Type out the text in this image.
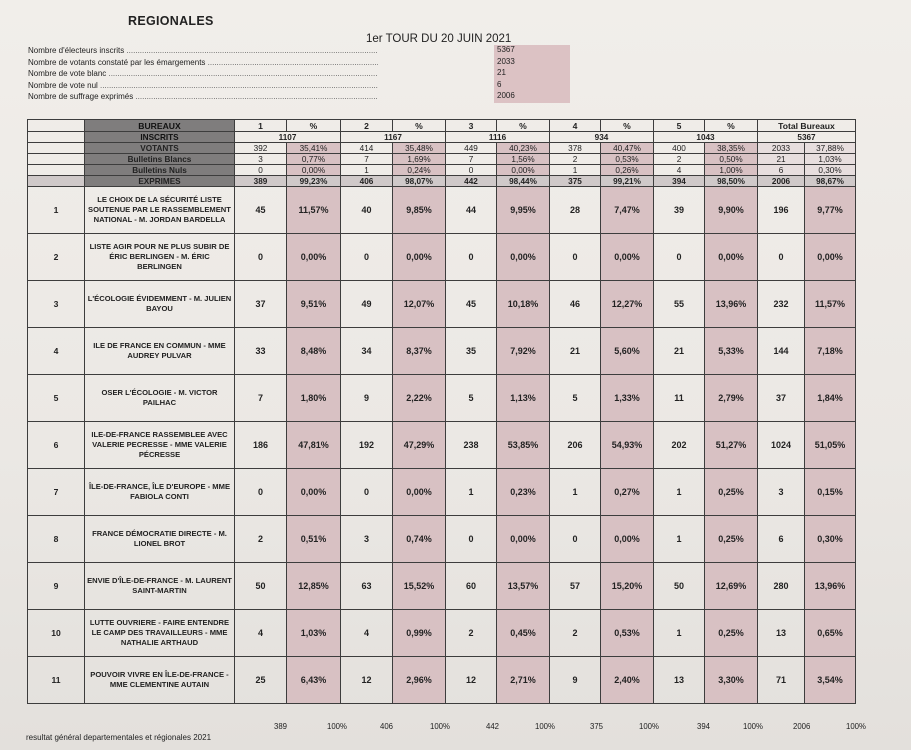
REGIONALES
1er TOUR DU 20 JUIN 2021
Nombre d'électeurs inscrits .....	5367
Nombre de votants constaté par les émargements .....	2033
Nombre de vote blanc .....	21
Nombre de vote nul .....	6
Nombre de suffrage exprimés .....	2006
	BUREAUX	1	%	2	%	3	%	4	%	5	%	Total Bureaux	
	INSCRITS	1107		1167		1116		934		1043		5367	
	VOTANTS	392	35,41%	414	35,48%	449	40,23%	378	40,47%	400	38,35%	2033	37,88%
	Bulletins Blancs	3	0,77%	7	1,69%	7	1,56%	2	0,53%	2	0,50%	21	1,03%
	Bulletins Nuls	0	0,00%	1	0,24%	0	0,00%	1	0,26%	4	1,00%	6	0,30%
	EXPRIMES	389	99,23%	406	98,07%	442	98,44%	375	99,21%	394	98,50%	2006	98,67%
1	LE CHOIX DE LA SÉCURITÉ LISTE SOUTENUE PAR LE RASSEMBLEMENT NATIONAL - M. JORDAN BARDELLA	45	11,57%	40	9,85%	44	9,95%	28	7,47%	39	9,90%	196	9,77%
2	LISTE AGIR POUR NE PLUS SUBIR DE ÉRIC BERLINGEN - M. ÉRIC BERLINGEN	0	0,00%	0	0,00%	0	0,00%	0	0,00%	0	0,00%	0	0,00%
3	L'ÉCOLOGIE ÉVIDEMMENT - M. JULIEN BAYOU	37	9,51%	49	12,07%	45	10,18%	46	12,27%	55	13,96%	232	11,57%
4	ILE DE FRANCE EN COMMUN - MME AUDREY PULVAR	33	8,48%	34	8,37%	35	7,92%	21	5,60%	21	5,33%	144	7,18%
5	OSER L'ÉCOLOGIE - M. VICTOR PAILHAC	7	1,80%	9	2,22%	5	1,13%	5	1,33%	11	2,79%	37	1,84%
6	ILE-DE-FRANCE RASSEMBLEE AVEC VALERIE PECRESSE - MME VALERIE PÉCRESSE	186	47,81%	192	47,29%	238	53,85%	206	54,93%	202	51,27%	1024	51,05%
7	ÎLE-DE-FRANCE, ÎLE D'EUROPE - MME FABIOLA CONTI	0	0,00%	0	0,00%	1	0,23%	1	0,27%	1	0,25%	3	0,15%
8	FRANCE DÉMOCRATIE DIRECTE - M. LIONEL BROT	2	0,51%	3	0,74%	0	0,00%	0	0,00%	1	0,25%	6	0,30%
9	ENVIE D'ÎLE-DE-FRANCE - M. LAURENT SAINT-MARTIN	50	12,85%	63	15,52%	60	13,57%	57	15,20%	50	12,69%	280	13,96%
10	LUTTE OUVRIERE - FAIRE ENTENDRE LE CAMP DES TRAVAILLEURS - MME NATHALIE ARTHAUD	4	1,03%	4	0,99%	2	0,45%	2	0,53%	1	0,25%	13	0,65%
11	POUVOIR VIVRE EN ÎLE-DE-FRANCE - MME CLEMENTINE AUTAIN	25	6,43%	12	2,96%	12	2,71%	9	2,40%	13	3,30%	71	3,54%
389	100%	406	100%	442	100%	375	100%	394	100%	2006	100%
resultat général departementales et régionales 2021
